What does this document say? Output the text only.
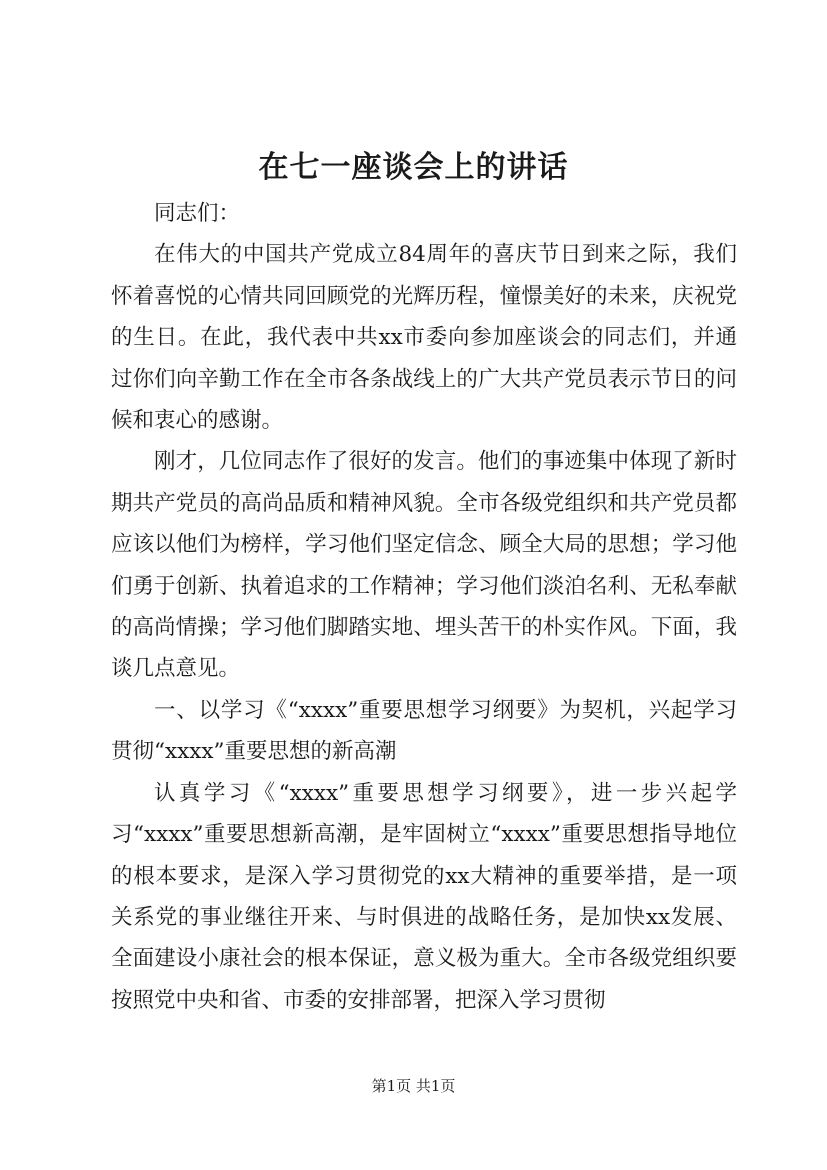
在七一座谈会上的讲话

同志们：

在伟大的中国共产党成立84周年的喜庆节日到来之际，我们怀着喜悦的心情共同回顾党的光辉历程，憧憬美好的未来，庆祝党的生日。在此，我代表中共xx市委向参加座谈会的同志们，并通过你们向辛勤工作在全市各条战线上的广大共产党员表示节日的问候和衷心的感谢。

刚才，几位同志作了很好的发言。他们的事迹集中体现了新时期共产党员的高尚品质和精神风貌。全市各级党组织和共产党员都应该以他们为榜样，学习他们坚定信念、顾全大局的思想；学习他们勇于创新、执着追求的工作精神；学习他们淡泊名利、无私奉献的高尚情操；学习他们脚踏实地、埋头苦干的朴实作风。下面，我谈几点意见。

一、以学习《“xxxx”重要思想学习纲要》为契机，兴起学习贯彻“xxxx”重要思想的新高潮

认真学习《“xxxx”重要思想学习纲要》，进一步兴起学习“xxxx”重要思想新高潮，是牢固树立“xxxx”重要思想指导地位的根本要求，是深入学习贯彻党的xx大精神的重要举措，是一项关系党的事业继往开来、与时俱进的战略任务，是加快xx发展、全面建设小康社会的根本保证，意义极为重大。全市各级党组织要按照党中央和省、市委的安排部署，把深入学习贯彻

第1页 共1页
